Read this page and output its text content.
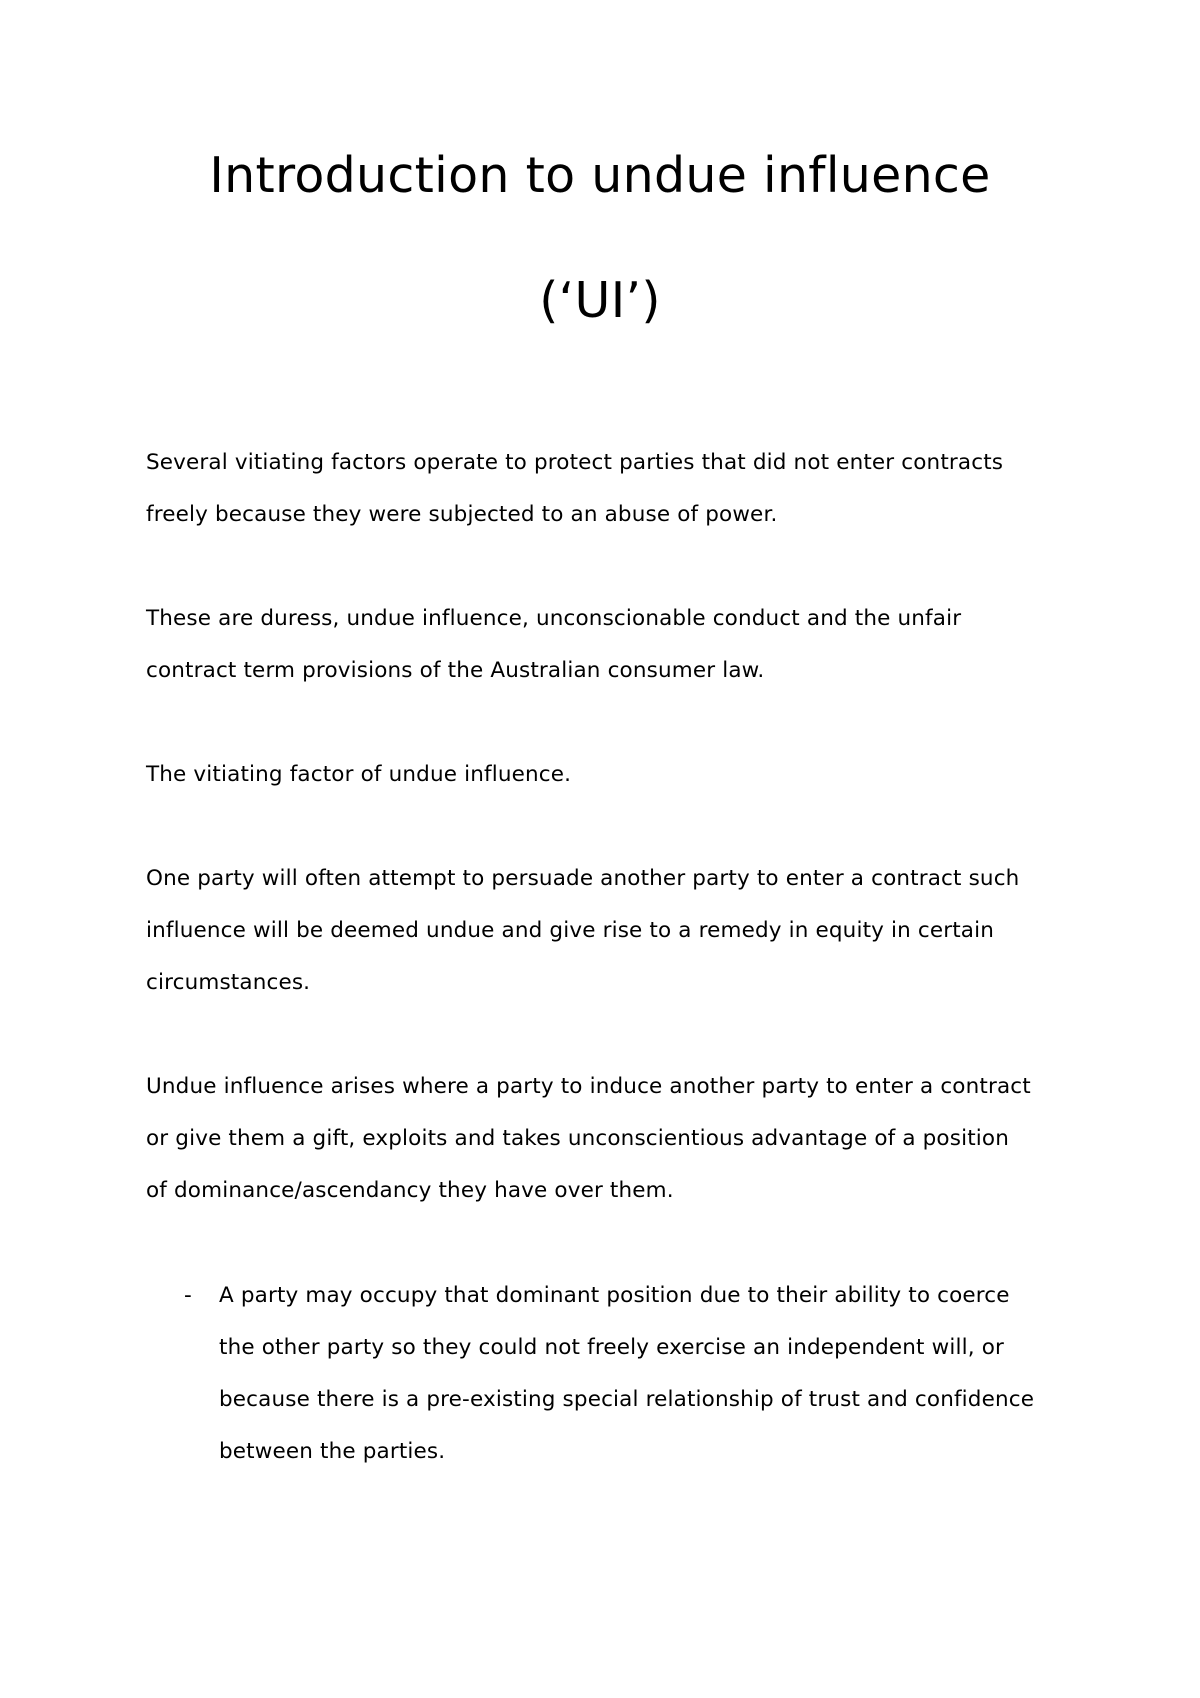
Introduction to undue influence
(‘UI’)

Several vitiating factors operate to protect parties that did not enter contracts
freely because they were subjected to an abuse of power.

These are duress, undue influence, unconscionable conduct and the unfair
contract term provisions of the Australian consumer law.

The vitiating factor of undue influence.

One party will often attempt to persuade another party to enter a contract such
influence will be deemed undue and give rise to a remedy in equity in certain
circumstances.

Undue influence arises where a party to induce another party to enter a contract
or give them a gift, exploits and takes unconscientious advantage of a position
of dominance/ascendancy they have over them.

- A party may occupy that dominant position due to their ability to coerce
the other party so they could not freely exercise an independent will, or
because there is a pre-existing special relationship of trust and confidence
between the parties.
